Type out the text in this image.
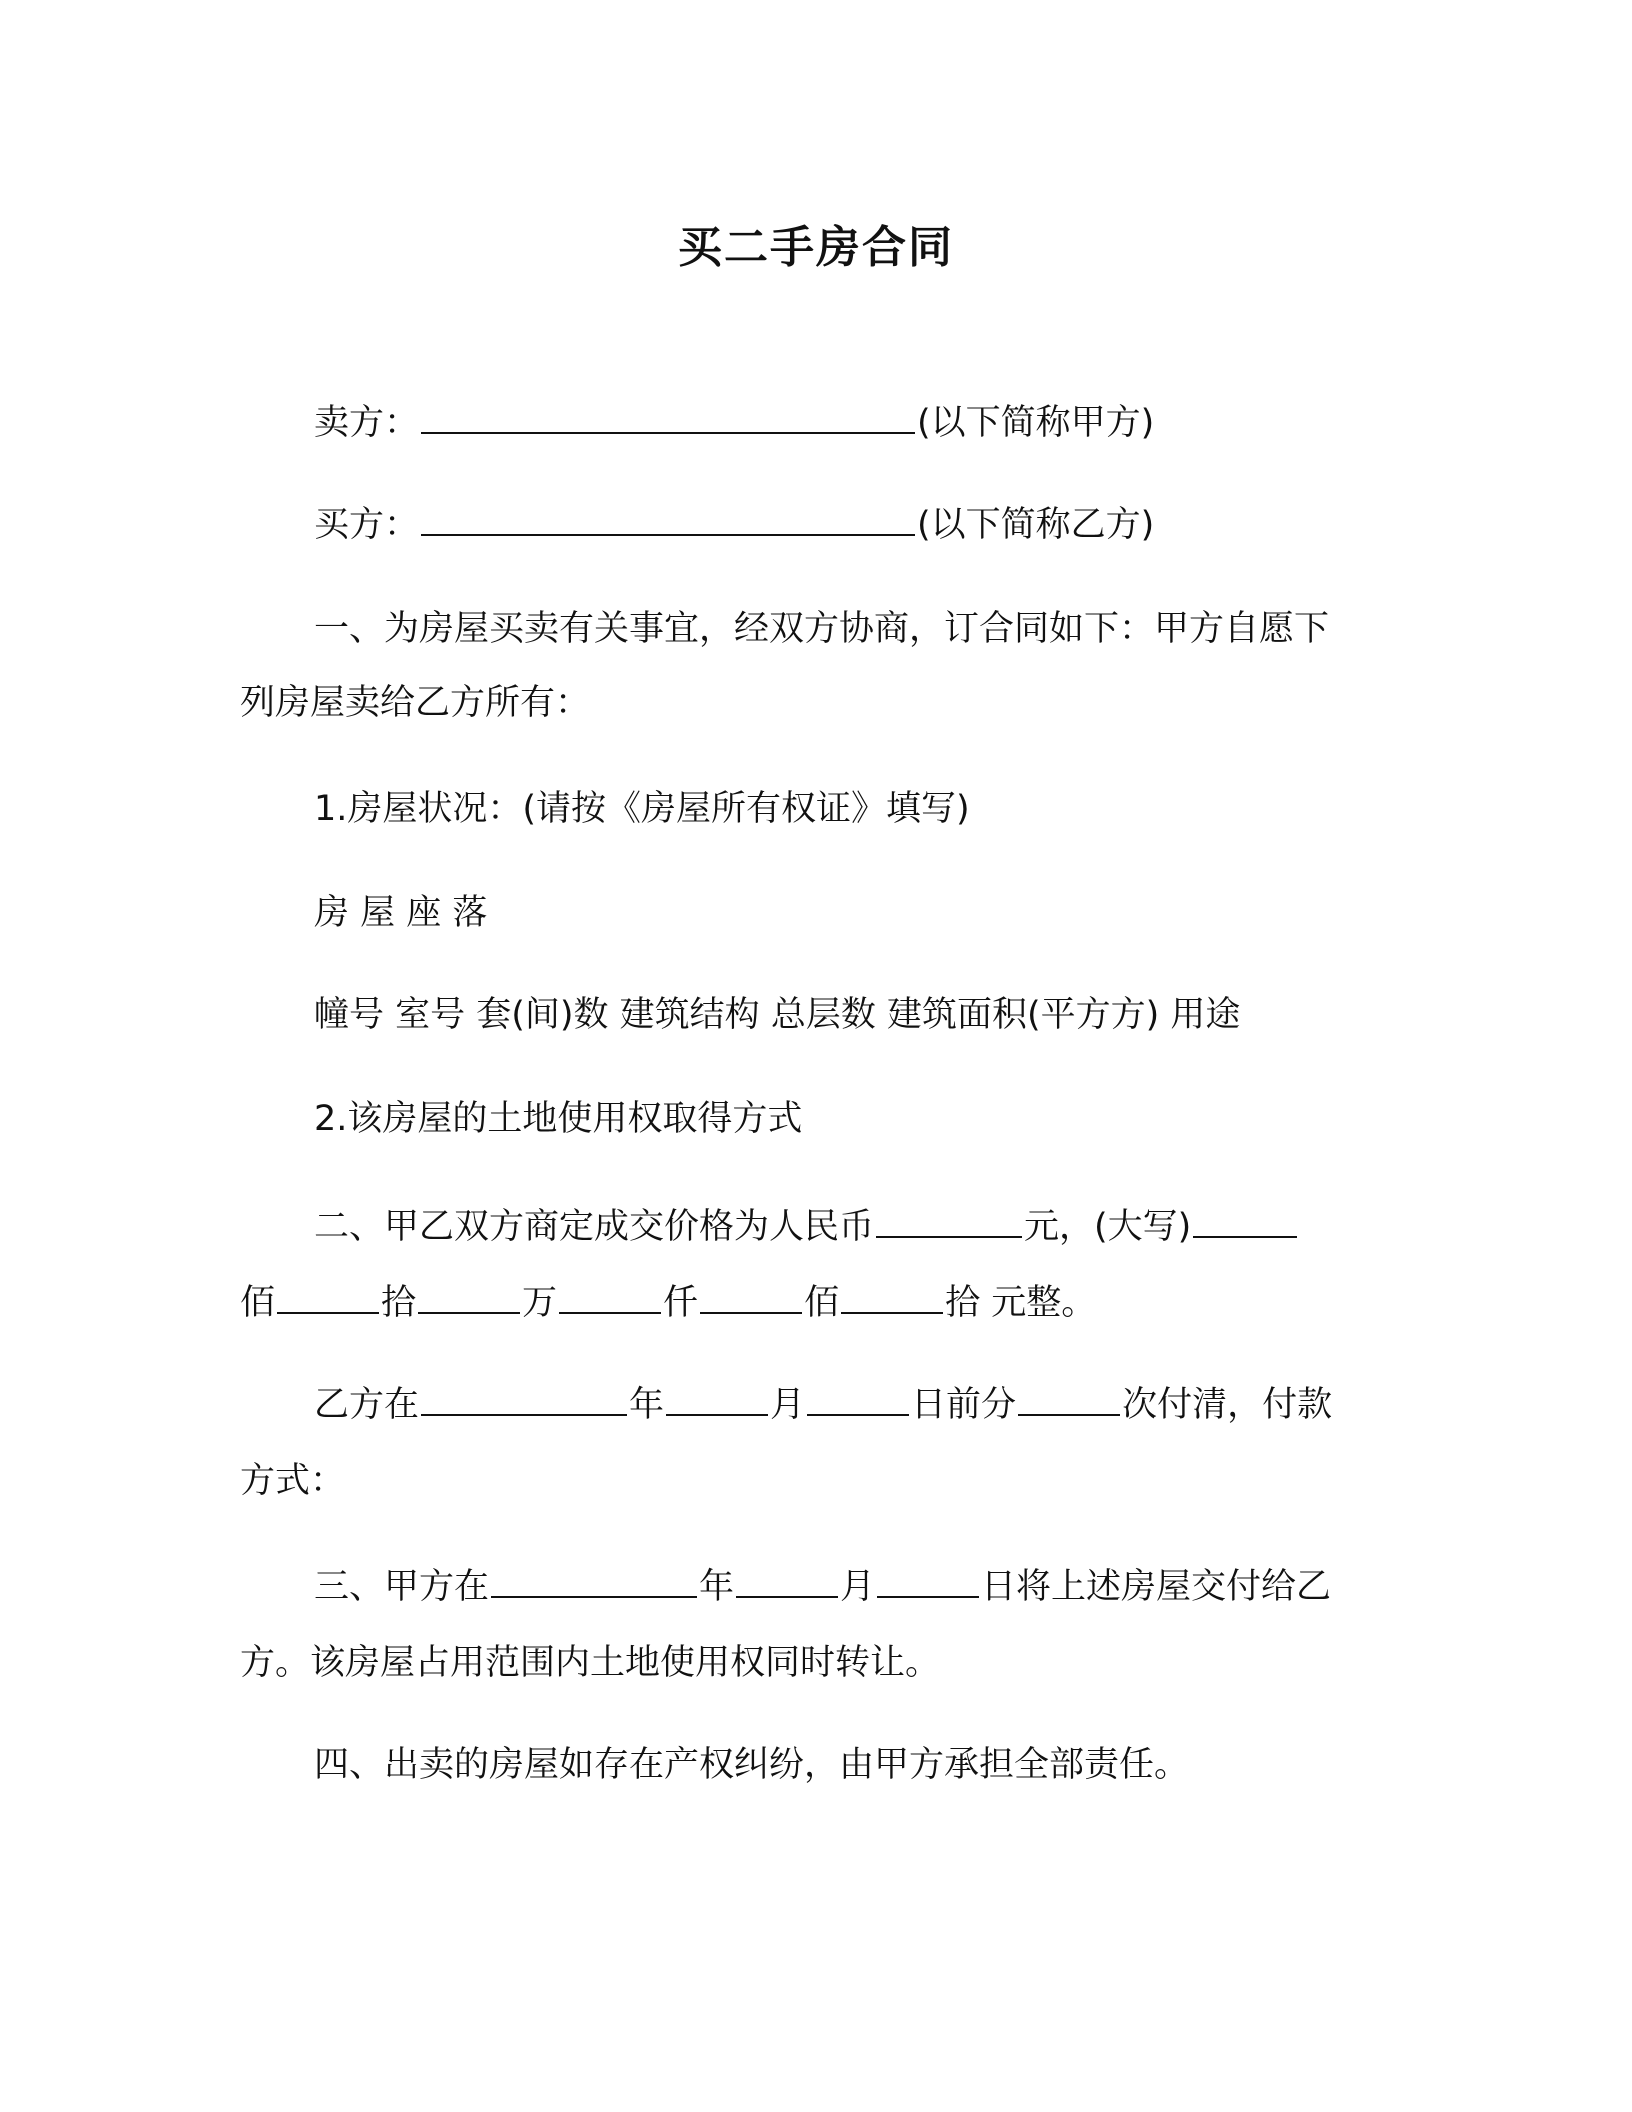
买二手房合同

卖方：	(以下简称甲方)

买方：	(以下简称乙方)

一、为房屋买卖有关事宜，经双方协商，订合同如下：甲方自愿下列房屋卖给乙方所有：

1.房屋状况：(请按《房屋所有权证》填写)

房 屋 座 落

幢号 室号 套(间)数 建筑结构 总层数 建筑面积(平方方) 用途

2.该房屋的土地使用权取得方式

二、甲乙双方商定成交价格为人民币	元，(大写)

佰	拾	万	仟	佰	拾 元整。

乙方在	年	月	日前分	次付清，付款

方式：

三、甲方在	年	月	日将上述房屋交付给乙

方。该房屋占用范围内土地使用权同时转让。

四、出卖的房屋如存在产权纠纷，由甲方承担全部责任。
